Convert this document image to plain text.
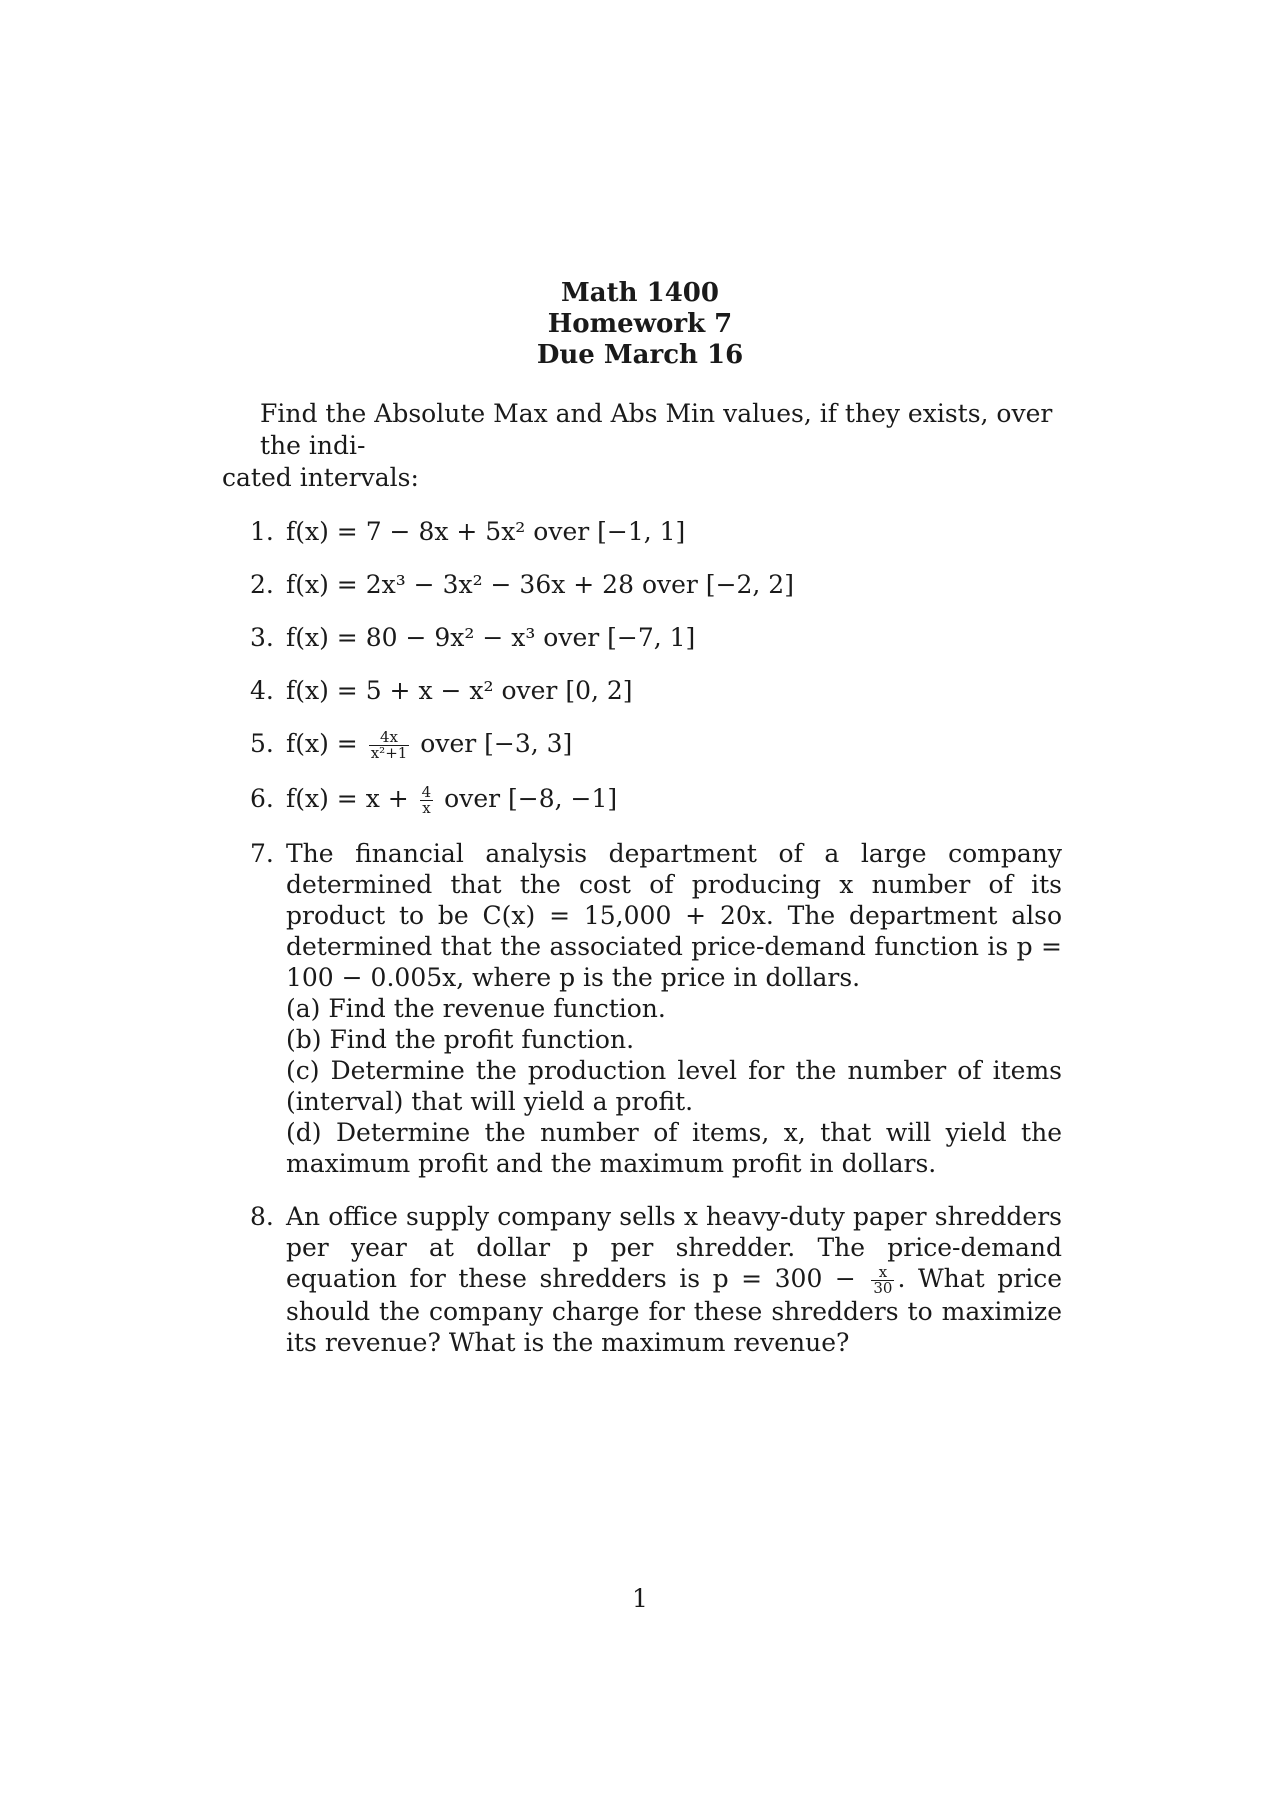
Math 1400
Homework 7
Due March 16
Find the Absolute Max and Abs Min values, if they exists, over the indi-
cated intervals:
1. f(x) = 7 − 8x + 5x² over [−1, 1]
2. f(x) = 2x³ − 3x² − 36x + 28 over [−2, 2]
3. f(x) = 80 − 9x² − x³ over [−7, 1]
4. f(x) = 5 + x − x² over [0, 2]
5. $f(x) = \frac{4x}{\text{x²+1}}$ over [−3, 3]
6. $f(x) = x + \frac{4}{x}$ over [−8, −1]
7. The financial analysis department of a large company determined that the cost of producing x number of its product to be C(x) = 15,000 + 20x. The department also determined that the associated price-demand function is p = 100 − 0.005x, where p is the price in dollars.
(a) Find the revenue function.
(b) Find the profit function.
(c) Determine the production level for the number of items (interval) that will yield a profit.
(d) Determine the number of items, x, that will yield the maximum profit and the maximum profit in dollars.
8. An office supply company sells x heavy-duty paper shredders per year at dollar p per shredder. The price-demand equation for these shredders is $p = 300 - \frac{x}{30}$ . What price should the company charge for these shredders to maximize its revenue? What is the maximum revenue?
1
